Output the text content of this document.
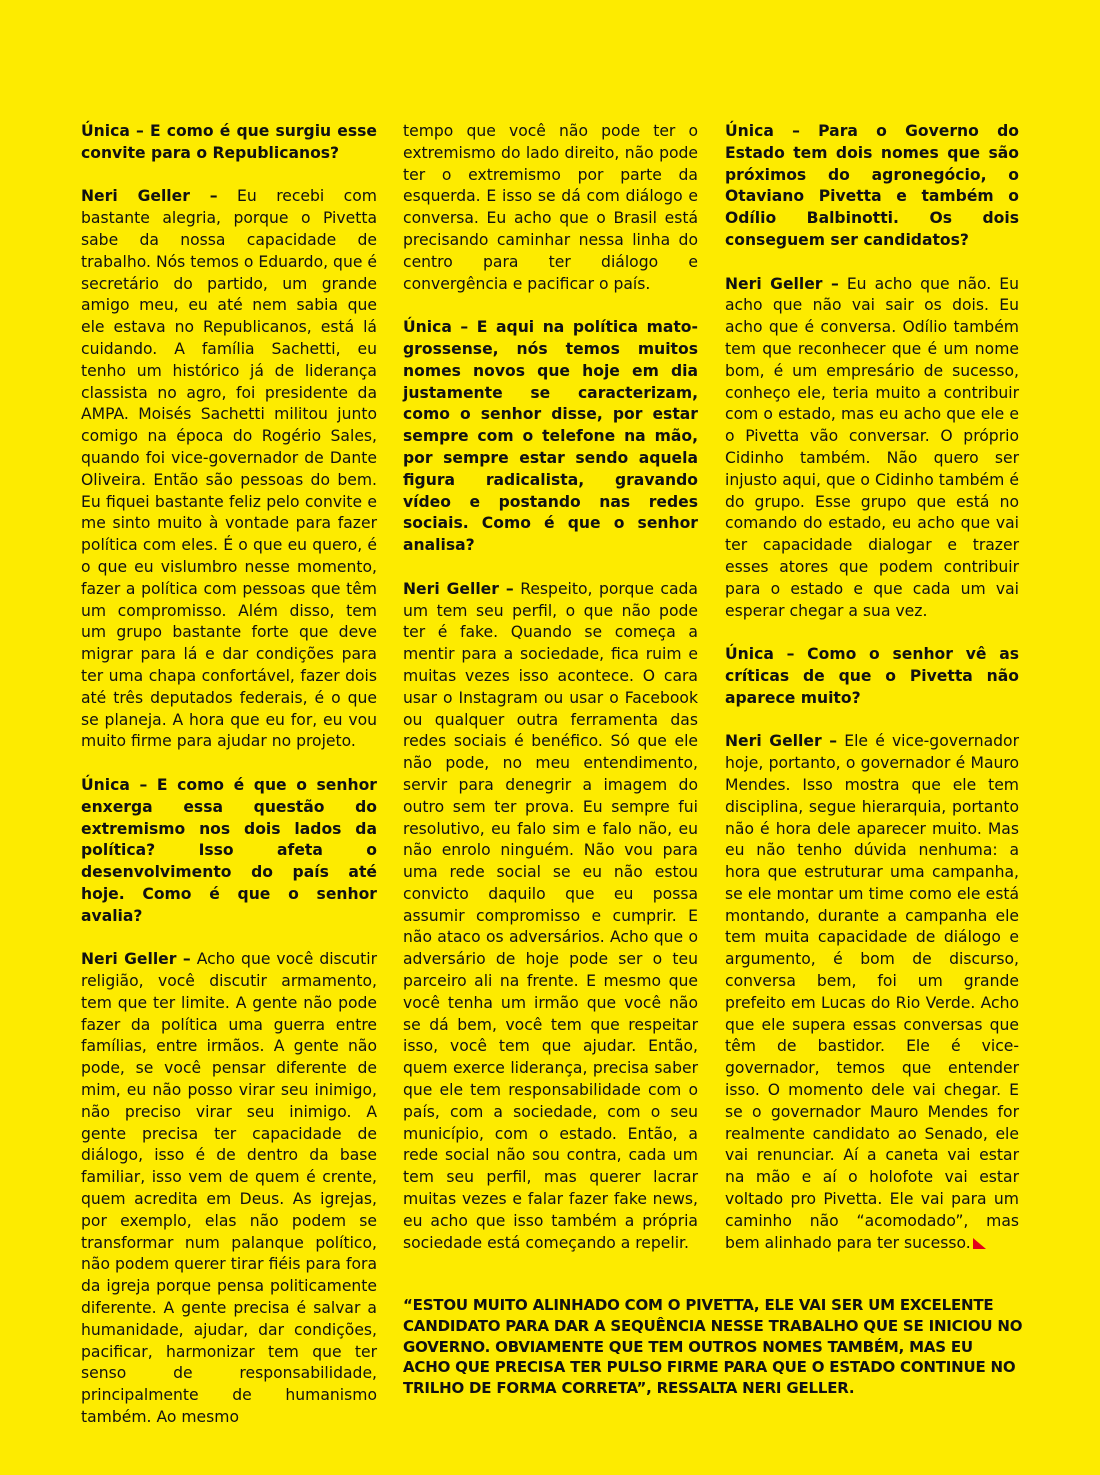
Única – E como é que surgiu esse convite para o Republicanos?

Neri Geller – Eu recebi com bastante alegria, porque o Pivetta sabe da nossa capacidade de trabalho. Nós temos o Eduardo, que é secretário do partido, um grande amigo meu, eu até nem sabia que ele estava no Republicanos, está lá cuidando. A família Sachetti, eu tenho um histórico já de liderança classista no agro, foi presidente da AMPA. Moisés Sachetti militou junto comigo na época do Rogério Sales, quando foi vice-governador de Dante Oliveira. Então são pessoas do bem. Eu fiquei bastante feliz pelo convite e me sinto muito à vontade para fazer política com eles. É o que eu quero, é o que eu vislumbro nesse momento, fazer a política com pessoas que têm um compromisso. Além disso, tem um grupo bastante forte que deve migrar para lá e dar condições para ter uma chapa confortável, fazer dois até três deputados federais, é o que se planeja. A hora que eu for, eu vou muito firme para ajudar no projeto.

Única – E como é que o senhor enxerga essa questão do extremismo nos dois lados da política? Isso afeta o desenvolvimento do país até hoje. Como é que o senhor avalia?

Neri Geller – Acho que você discutir religião, você discutir armamento, tem que ter limite. A gente não pode fazer da política uma guerra entre famílias, entre irmãos. A gente não pode, se você pensar diferente de mim, eu não posso virar seu inimigo, não preciso virar seu inimigo. A gente precisa ter capacidade de diálogo, isso é de dentro da base familiar, isso vem de quem é crente, quem acredita em Deus. As igrejas, por exemplo, elas não podem se transformar num palanque político, não podem querer tirar fiéis para fora da igreja porque pensa politicamente diferente. A gente precisa é salvar a humanidade, ajudar, dar condições, pacificar, harmonizar tem que ter senso de responsabilidade, principalmente de humanismo também. Ao mesmo

tempo que você não pode ter o extremismo do lado direito, não pode ter o extremismo por parte da esquerda. E isso se dá com diálogo e conversa. Eu acho que o Brasil está precisando caminhar nessa linha do centro para ter diálogo e convergência e pacificar o país.

Única – E aqui na política mato-grossense, nós temos muitos nomes novos que hoje em dia justamente se caracterizam, como o senhor disse, por estar sempre com o telefone na mão, por sempre estar sendo aquela figura radicalista, gravando vídeo e postando nas redes sociais. Como é que o senhor analisa?

Neri Geller – Respeito, porque cada um tem seu perfil, o que não pode ter é fake. Quando se começa a mentir para a sociedade, fica ruim e muitas vezes isso acontece. O cara usar o Instagram ou usar o Facebook ou qualquer outra ferramenta das redes sociais é benéfico. Só que ele não pode, no meu entendimento, servir para denegrir a imagem do outro sem ter prova. Eu sempre fui resolutivo, eu falo sim e falo não, eu não enrolo ninguém. Não vou para uma rede social se eu não estou convicto daquilo que eu possa assumir compromisso e cumprir. E não ataco os adversários. Acho que o adversário de hoje pode ser o teu parceiro ali na frente. E mesmo que você tenha um irmão que você não se dá bem, você tem que respeitar isso, você tem que ajudar. Então, quem exerce liderança, precisa saber que ele tem responsabilidade com o país, com a sociedade, com o seu município, com o estado. Então, a rede social não sou contra, cada um tem seu perfil, mas querer lacrar muitas vezes e falar fazer fake news, eu acho que isso também a própria sociedade está começando a repelir.

Única – Para o Governo do Estado tem dois nomes que são próximos do agronegócio, o Otaviano Pivetta e também o Odílio Balbinotti. Os dois conseguem ser candidatos?

Neri Geller – Eu acho que não. Eu acho que não vai sair os dois. Eu acho que é conversa. Odílio também tem que reconhecer que é um nome bom, é um empresário de sucesso, conheço ele, teria muito a contribuir com o estado, mas eu acho que ele e o Pivetta vão conversar. O próprio Cidinho também. Não quero ser injusto aqui, que o Cidinho também é do grupo. Esse grupo que está no comando do estado, eu acho que vai ter capacidade dialogar e trazer esses atores que podem contribuir para o estado e que cada um vai esperar chegar a sua vez.

Única – Como o senhor vê as críticas de que o Pivetta não aparece muito?

Neri Geller – Ele é vice-governador hoje, portanto, o governador é Mauro Mendes. Isso mostra que ele tem disciplina, segue hierarquia, portanto não é hora dele aparecer muito. Mas eu não tenho dúvida nenhuma: a hora que estruturar uma campanha, se ele montar um time como ele está montando, durante a campanha ele tem muita capacidade de diálogo e argumento, é bom de discurso, conversa bem, foi um grande prefeito em Lucas do Rio Verde. Acho que ele supera essas conversas que têm de bastidor. Ele é vice-governador, temos que entender isso. O momento dele vai chegar. E se o governador Mauro Mendes for realmente candidato ao Senado, ele vai renunciar. Aí a caneta vai estar na mão e aí o holofote vai estar voltado pro Pivetta. Ele vai para um caminho não “acomodado”, mas bem alinhado para ter sucesso.

“ESTOU MUITO ALINHADO COM O PIVETTA, ELE VAI SER UM EXCELENTE CANDIDATO PARA DAR A SEQUÊNCIA NESSE TRABALHO QUE SE INICIOU NO GOVERNO. OBVIAMENTE QUE TEM OUTROS NOMES TAMBÉM, MAS EU ACHO QUE PRECISA TER PULSO FIRME PARA QUE O ESTADO CONTINUE NO TRILHO DE FORMA CORRETA”, RESSALTA NERI GELLER.
